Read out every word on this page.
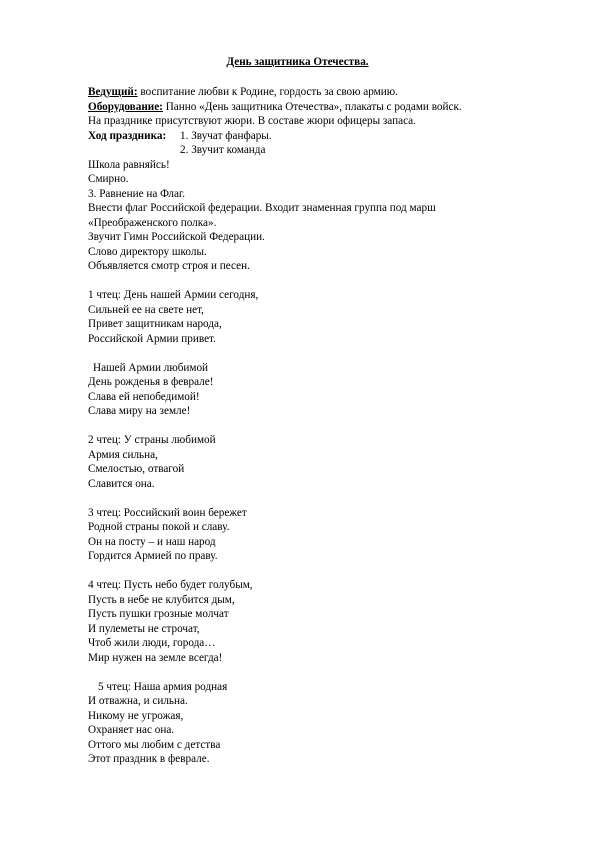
День защитника Отечества.
Ведущий: воспитание любви к Родине, гордость за свою армию.
Оборудование: Панно «День защитника Отечества», плакаты с родами войск.
На празднике присутствуют жюри. В составе жюри офицеры запаса.
Ход праздника: 1. Звучат фанфары.
2. Звучит команда
Школа равняйсь!
Смирно.
3. Равнение на Флаг.
Внести флаг Российской федерации. Входит знаменная группа под марш
«Преображенского полка».
Звучит Гимн Российской Федерации.
Слово директору школы.
Объявляется смотр строя и песен.
1 чтец: День нашей Армии сегодня,
Сильней ее на свете нет,
Привет защитникам народа,
Российской Армии привет.
Нашей Армии любимой
День рожденья в феврале!
Слава ей непобедимой!
Слава миру на земле!
2 чтец: У страны любимой
Армия сильна,
Смелостью, отвагой
Славится она.
3 чтец: Российский воин бережет
Родной страны покой и славу.
Он на посту – и наш народ
Гордится Армией по праву.
4 чтец: Пусть небо будет голубым,
Пусть в небе не клубится дым,
Пусть пушки грозные молчат
И пулеметы не строчат,
Чтоб жили люди, города…
Мир нужен на земле всегда!
5 чтец: Наша армия родная
И отважна, и сильна.
Никому не угрожая,
Охраняет нас она.
Оттого мы любим с детства
Этот праздник в феврале.
